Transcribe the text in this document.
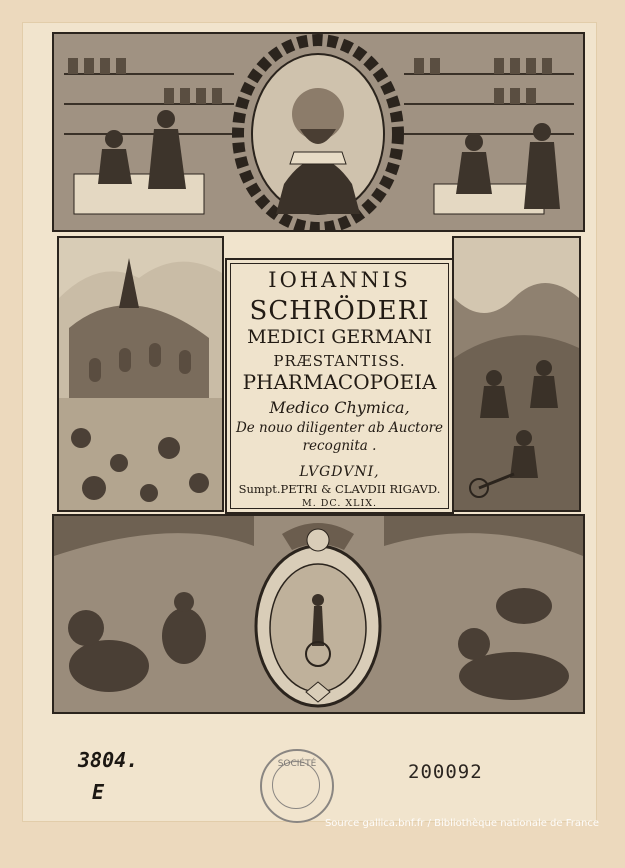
IOHANNIS
SCHRÖDERI
MEDICI GERMANI
PRÆSTANTISS.
PHARMACOPOEIA
Medico Chymica,
De nouo diligenter ab Auctore
recognita .
LVGDVNI,
Sumpt.PETRI & CLAVDII RIGAVD.
M. DC. XLIX.
3804.
E
SOCIÉTÉ	200092
Source gallica.bnf.fr / Bibliothèque nationale de France
